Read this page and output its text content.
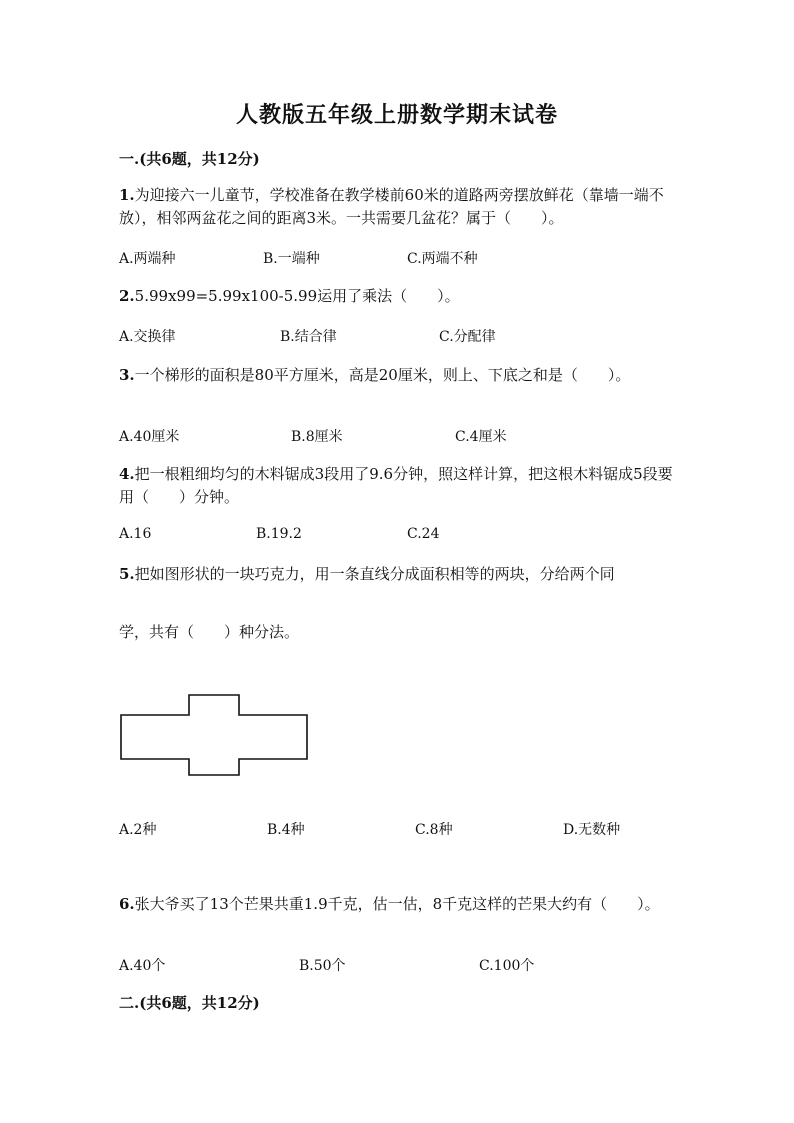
人教版五年级上册数学期末试卷
一.(共6题，共12分)
1.为迎接六一儿童节，学校准备在教学楼前60米的道路两旁摆放鲜花（靠墙一端不放），相邻两盆花之间的距离3米。一共需要几盆花？属于（　　）。
A.两端种	B.一端种	C.两端不种
2.5.99x99=5.99x100-5.99运用了乘法（　　）。
A.交换律	B.结合律	C.分配律
3.一个梯形的面积是80平方厘米，高是20厘米，则上、下底之和是（　　）。
A.40厘米	B.8厘米	C.4厘米
4.把一根粗细均匀的木料锯成3段用了9.6分钟，照这样计算，把这根木料锯成5段要用（　　）分钟。
A.16	B.19.2	C.24
5.把如图形状的一块巧克力，用一条直线分成面积相等的两块，分给两个同
学，共有（　　）种分法。
A.2种	B.4种	C.8种	D.无数种
6.张大爷买了13个芒果共重1.9千克，估一估，8千克这样的芒果大约有（　　）。
A.40个	B.50个	C.100个
二.(共6题，共12分)
